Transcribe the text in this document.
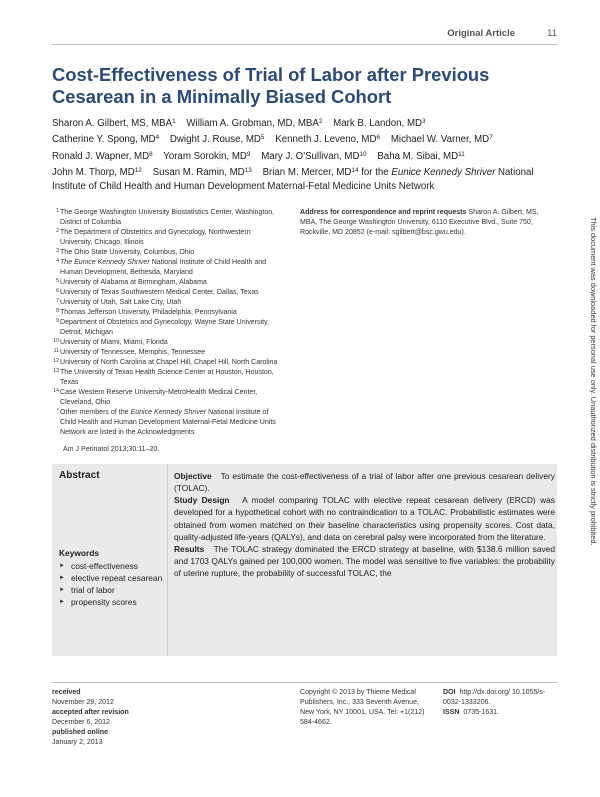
Original Article	11
Cost-Effectiveness of Trial of Labor after Previous Cesarean in a Minimally Biased Cohort
Sharon A. Gilbert, MS, MBA$^1$ William A. Grobman, MD, MBA$^2$ Mark B. Landon, $MD^3$
Catherine Y. Spong, $MD^4$ Dwight J. Rouse, $MD^5$ Kenneth J. Leveno, $MD^6$ Michael W. Varner, $MD^7$
Ronald J. Wapner, $MD^8$ Yoram Sorokin, $MD^9$ Mary J. O'Sullivan, MD$^{10}$ Baha M. Sibai, MD$^{11}$
John M. Thorp, MD$^{12}$ Susan M. Ramin, MD$^{13}$ Brian M. Mercer, MD$^{14}$ for the Eunice Kennedy Shriver National Institute of Child Health and Human Development Maternal-Fetal Medicine Units Network
1 The George Washington University Biostatistics Center, Washington, District of Columbia
2 The Department of Obstetrics and Gynecology, Northwestern University, Chicago, Illinois
3 The Ohio State University, Columbus, Ohio
4 The Eunice Kennedy Shriver National Institute of Child Health and Human Development, Bethesda, Maryland
5 University of Alabama at Birmingham, Alabama
6 University of Texas Southwestern Medical Center, Dallas, Texas
7 University of Utah, Salt Lake City, Utah
8 Thomas Jefferson University, Philadelphia, Pennsylvania
9 Department of Obstetrics and Gynecology, Wayne State University, Detroit, Michigan
10 University of Miami, Miami, Florida
11 University of Tennessee, Memphis, Tennessee
12 University of North Carolina at Chapel Hill, Chapel Hill, North Carolina
13 The University of Texas Health Science Center at Houston, Houston, Texas
14 Case Western Reserve University-MetroHealth Medical Center, Cleveland, Ohio
* Other members of the Eunice Kennedy Shriver National Institute of Child Health and Human Development Maternal-Fetal Medicine Units Network are listed in the Acknowledgments
Address for correspondence and reprint requests Sharon A. Gilbert, MS, MBA, The George Washington University, 6110 Executive Blvd., Suite 750, Rockville, MD 20852 (e-mail: sgilbert@bsc.gwu.edu).
Am J Perinatol 2013;30:11–20.
Abstract
Keywords
► cost-effectiveness
► elective repeat cesarean
► trial of labor
► propensity scores

Objective To estimate the cost-effectiveness of a trial of labor after one previous cesarean delivery (TOLAC).

Study Design A model comparing TOLAC with elective repeat cesarean delivery (ERCD) was developed for a hypothetical cohort with no contraindication to a TOLAC. Probabilistic estimates were obtained from women matched on their baseline characteristics using propensity scores. Cost data, quality-adjusted life-years (QALYs), and data on cerebral palsy were incorporated from the literature.

Results The TOLAC strategy dominated the ERCD strategy at baseline, with $138.6 million saved and 1703 QALYs gained per 100,000 women. The model was sensitive to five variables: the probability of uterine rupture, the probability of successful TOLAC, the

This document was downloaded for personal use only. Unauthorized distribution is strictly prohibited.
received
November 29, 2012
accepted after revision
December 6, 2012
published online
January 2, 2013
Copyright © 2013 by Thieme Medical Publishers, Inc., 333 Seventh Avenue, New York, NY 10001, USA. Tel: +1(212) 584-4662.
DOI http://dx.doi.org/ 10.1055/s-0032-1333206.
ISSN 0735-1631.
